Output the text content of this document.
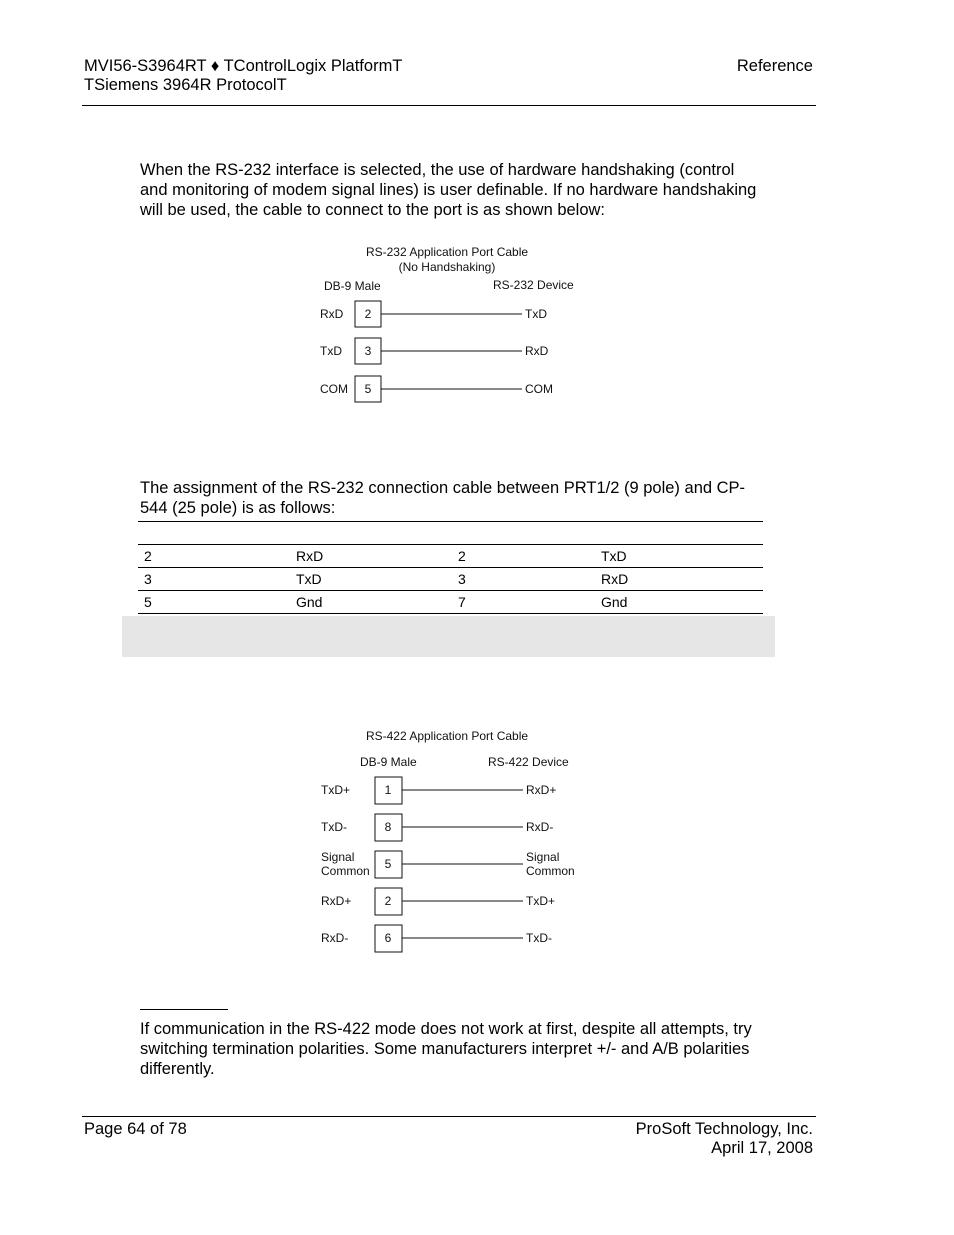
MVI56-S3964RT ♦ TControlLogix PlatformT
TSiemens 3964R ProtocolT
Reference
When the RS-232 interface is selected, the use of hardware handshaking (control and monitoring of modem signal lines) is user definable. If no hardware handshaking will be used, the cable to connect to the port is as shown below:
RS-232 Application Port Cable
(No Handshaking)
DB-9 Male	RS-232 Device
RxD 2	TxD
TxD 3	RxD
COM 5	COM
The assignment of the RS-232 connection cable between PRT1/2 (9 pole) and CP-544 (25 pole) is as follows:
2	RxD	2	TxD
3	TxD	3	RxD
5	Gnd	7	Gnd
RS-422 Application Port Cable
DB-9 Male	RS-422 Device
TxD+	1	RxD+
TxD-	8	RxD-
Signal
Common 5	Signal
Common
RxD+	2	TxD+
RxD-	6	TxD-
If communication in the RS-422 mode does not work at first, despite all attempts, try switching termination polarities. Some manufacturers interpret +/- and A/B polarities differently.
Page 64 of 78	ProSoft Technology, Inc.
April 17, 2008
